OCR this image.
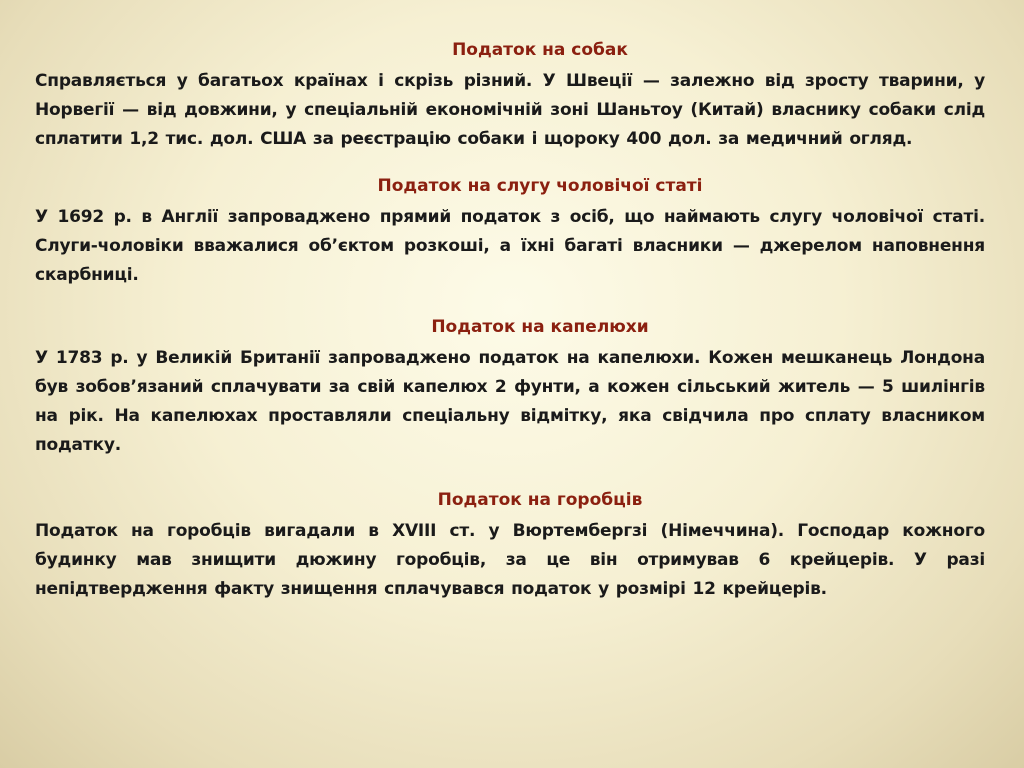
Податок на собак

Справляється у багатьох країнах і скрізь різний. У Швеції — залежно від зросту тварини, у Норвегії — від довжини, у спеціальній економічній зоні Шаньтоу (Китай) власнику собаки слід сплатити 1,2 тис. дол. США за реєстрацію собаки і щороку 400 дол. за медичний огляд.

Податок на слугу чоловічої статі

У 1692 р. в Англії запроваджено прямий податок з осіб, що наймають слугу чоловічої статі. Слуги-чоловіки вважалися об’єктом розкоші, а їхні багаті власники — джерелом наповнення скарбниці.

Податок на капелюхи

У 1783 р. у Великій Британії запроваджено податок на капелюхи. Кожен мешканець Лондона був зобов’язаний сплачувати за свій капелюх 2 фунти, а кожен сільський житель — 5 шилінгів на рік. На капелюхах проставляли спеціальну відмітку, яка свідчила про сплату власником податку.

Податок на горобців

Податок на горобців вигадали в XVIII ст. у Вюртембергзі (Німеччина). Господар кожного будинку мав знищити дюжину горобців, за це він отримував 6 крейцерів. У разі непідтвердження факту знищення сплачувався податок у розмірі 12 крейцерів.
